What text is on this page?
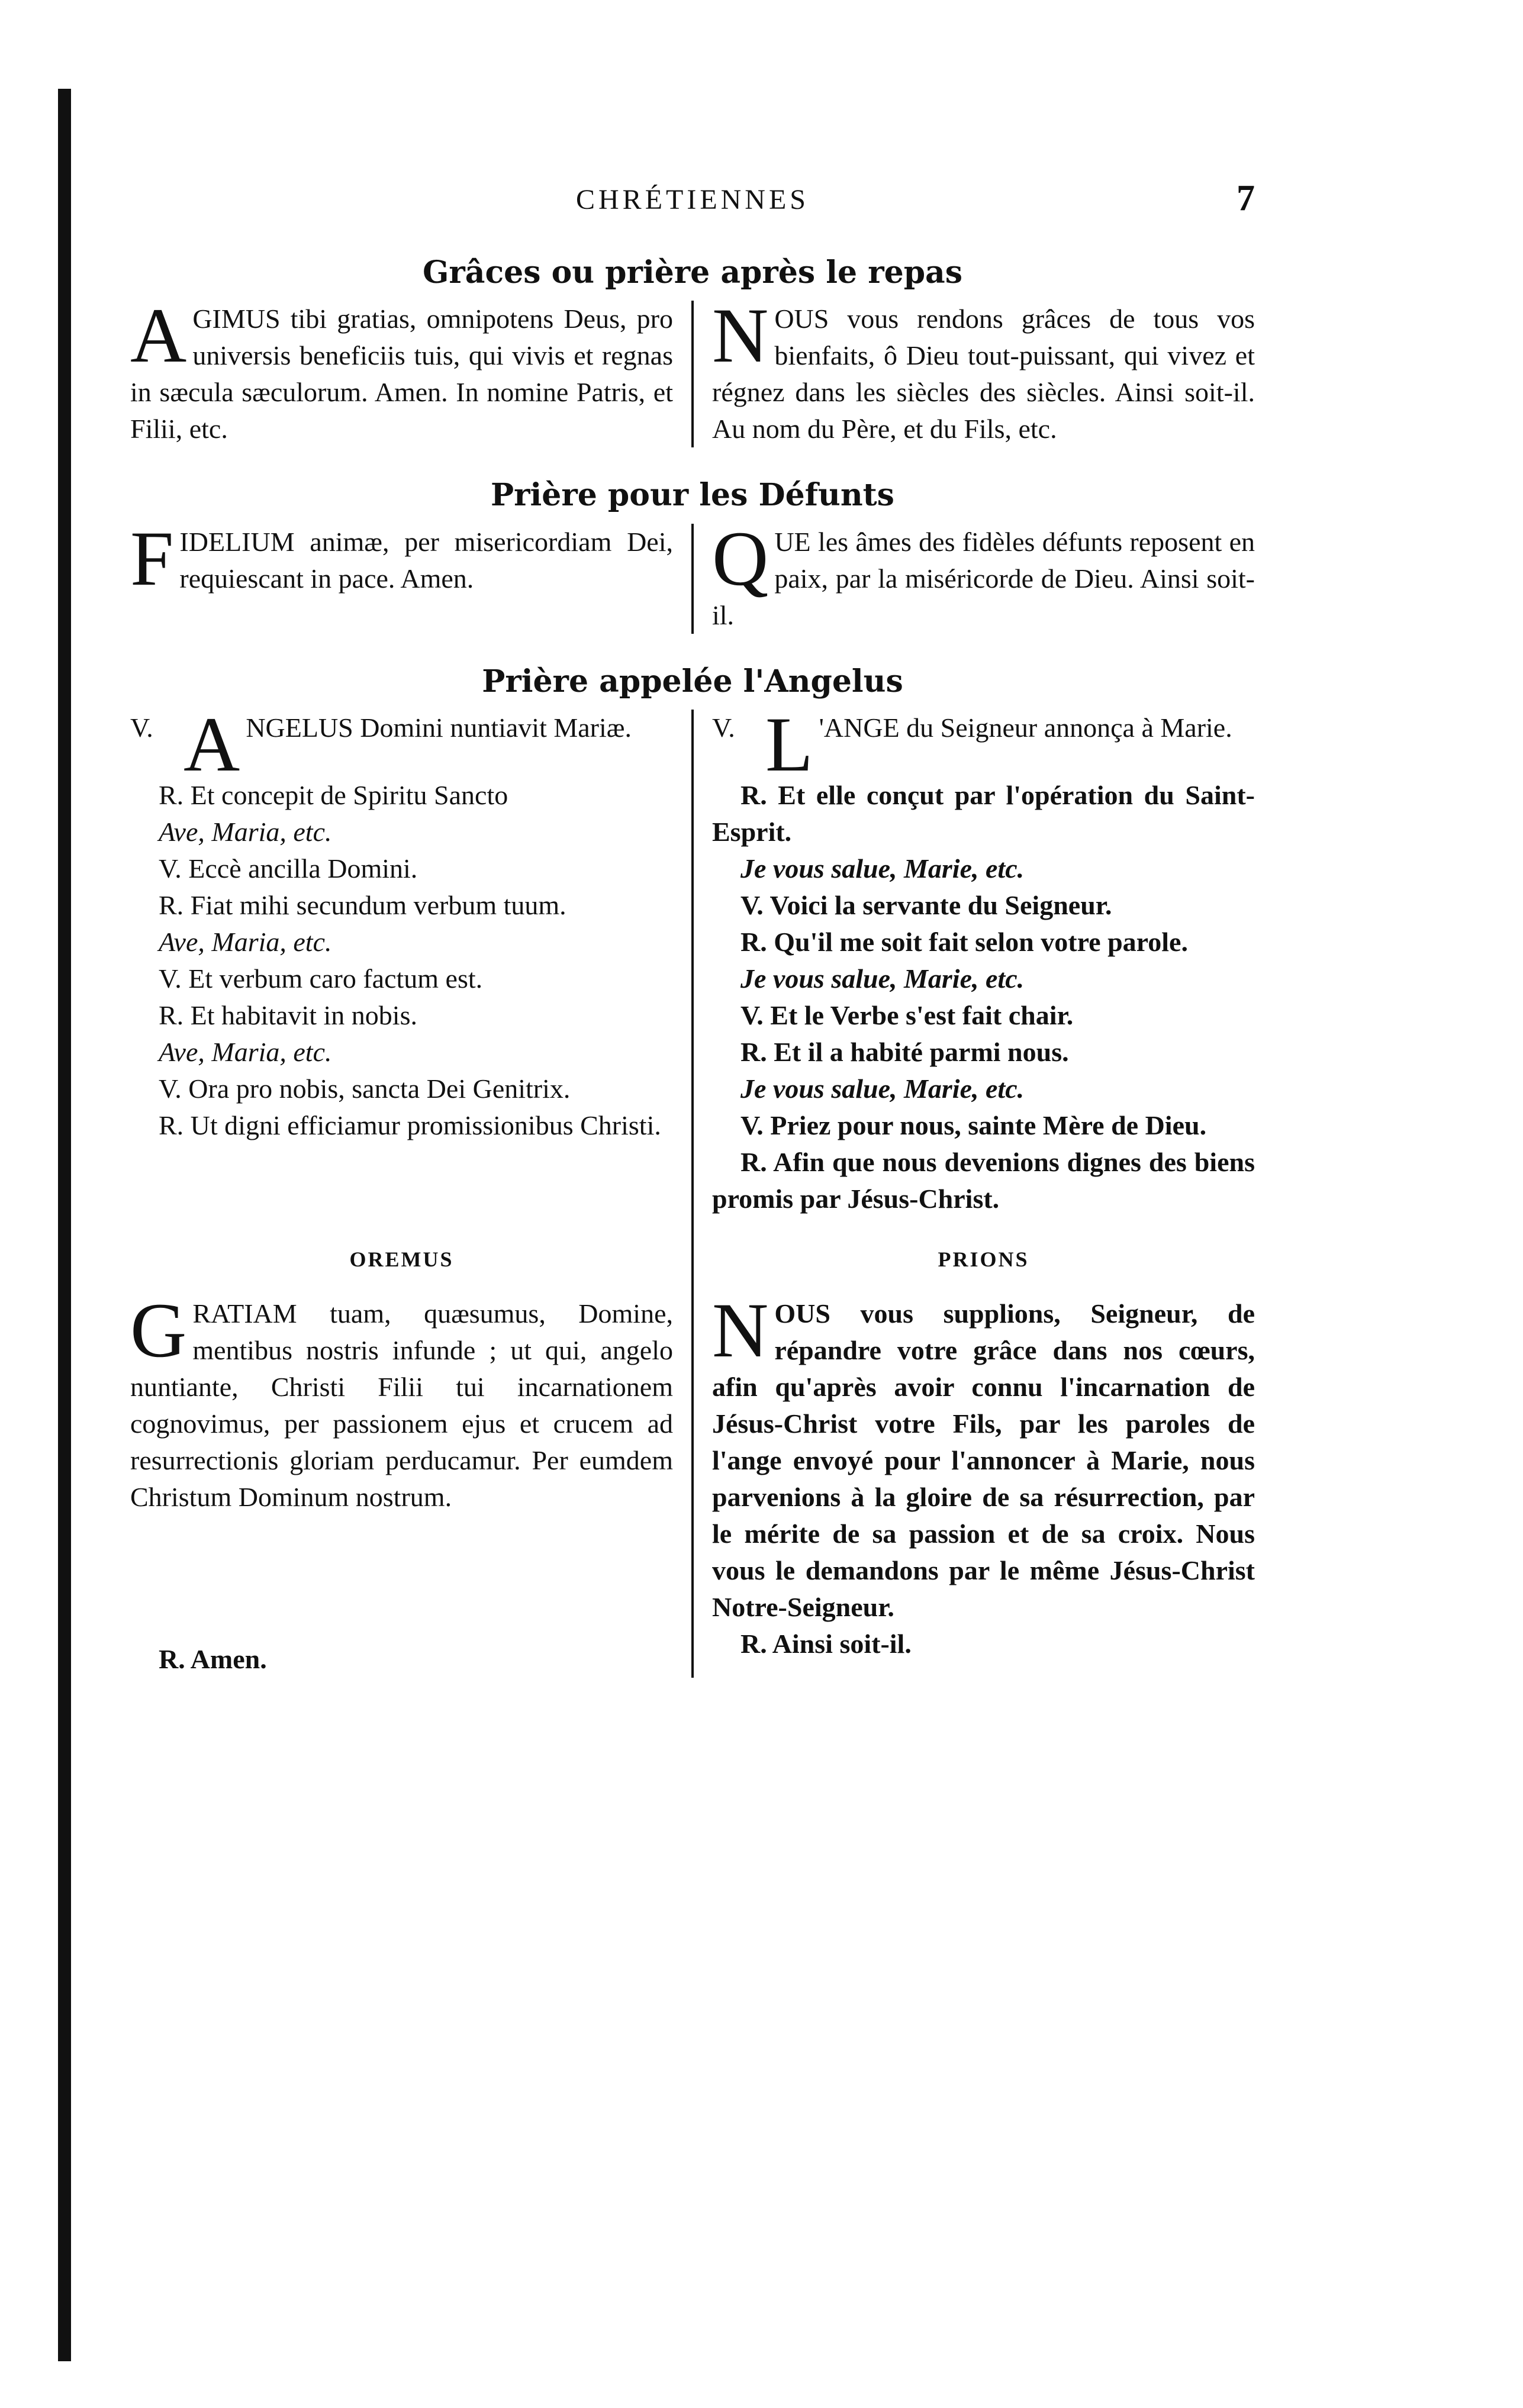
CHRÉTIENNES	7
Grâces ou prière après le repas

AGIMUS tibi gratias, omnipotens Deus, pro universis beneficiis tuis, qui vivis et regnas in sæcula sæculorum. Amen. In nomine Patris, et Filii, etc.

NOUS vous rendons grâces de tous vos bienfaits, ô Dieu tout-puissant, qui vivez et régnez dans les siècles des siècles. Ainsi soit-il. Au nom du Père, et du Fils, etc.

Prière pour les Défunts

FIDELIUM animæ, per misericordiam Dei, requiescant in pace. Amen.	QUE les âmes des fidèles défunts reposent en paix, par la miséricorde de Dieu. Ainsi soit-il.

Prière appelée l'Angelus

V. A NGELUS Domini nuntiavit Mariæ.

R. Et concepit de Spiritu Sancto

Ave, Maria, etc.

V. Eccè ancilla Domini.

R. Fiat mihi secundum verbum tuum.

Ave, Maria, etc.

V. Et verbum caro factum est.

R. Et habitavit in nobis.

Ave, Maria, etc.

V. Ora pro nobis, sancta Dei Genitrix.

R. Ut digni efficiamur promissionibus Christi.

V. L 'ANGE du Seigneur annonça à Marie.

R. Et elle conçut par l'opération du Saint-Esprit.

Je vous salue, Marie, etc.

V. Voici la servante du Seigneur.

R. Qu'il me soit fait selon votre parole.

Je vous salue, Marie, etc.

V. Et le Verbe s'est fait chair.

R. Et il a habité parmi nous.

Je vous salue, Marie, etc.

V. Priez pour nous, sainte Mère de Dieu.

R. Afin que nous devenions dignes des biens promis par Jésus-Christ.

OREMUS

GRATIAM tuam, quæsumus, Domine, mentibus nostris infunde ; ut qui, angelo nuntiante, Christi Filii tui incarnationem cognovimus, per passionem ejus et crucem ad resurrectionis gloriam perducamur. Per eumdem Christum Dominum nostrum.

R. Amen.

PRIONS

NOUS vous supplions, Seigneur, de répandre votre grâce dans nos cœurs, afin qu'après avoir connu l'incarnation de Jésus-Christ votre Fils, par les paroles de l'ange envoyé pour l'annoncer à Marie, nous parvenions à la gloire de sa résurrection, par le mérite de sa passion et de sa croix. Nous vous le demandons par le même Jésus-Christ Notre-Seigneur.

R. Ainsi soit-il.
